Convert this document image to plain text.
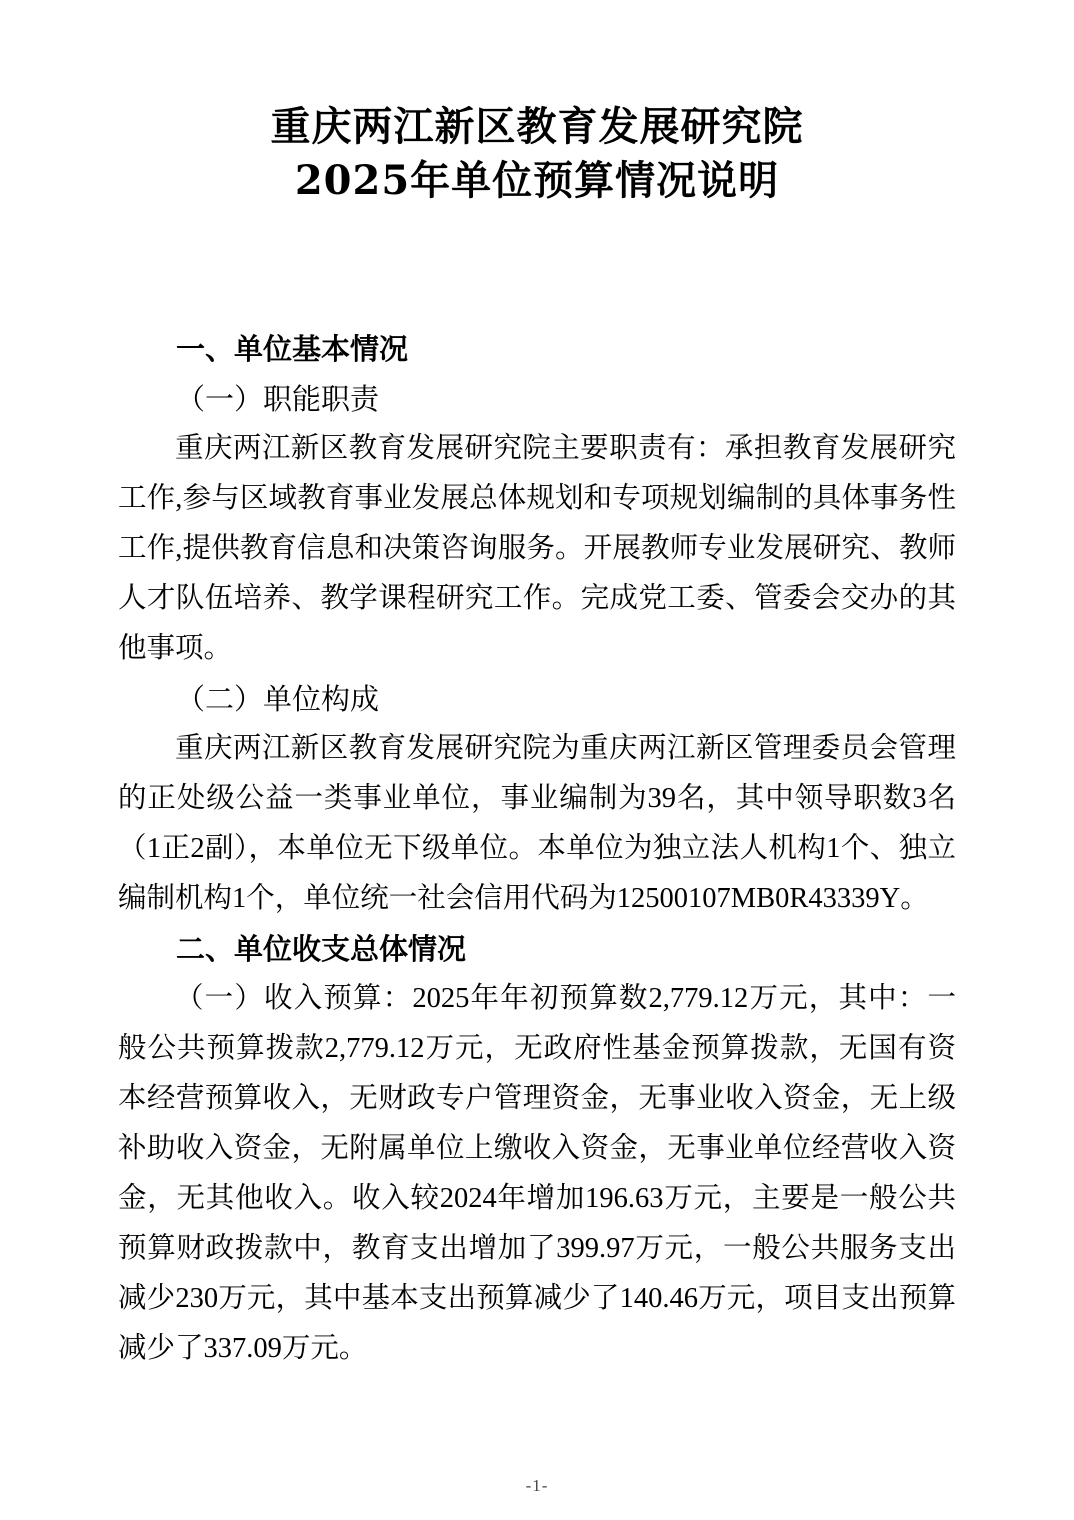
重庆两江新区教育发展研究院
2025年单位预算情况说明
一、单位基本情况
（一）职能职责

重庆两江新区教育发展研究院主要职责有：承担教育发展研究工作,参与区域教育事业发展总体规划和专项规划编制的具体事务性工作,提供教育信息和决策咨询服务。开展教师专业发展研究、教师人才队伍培养、教学课程研究工作。完成党工委、管委会交办的其他事项。

（二）单位构成

重庆两江新区教育发展研究院为重庆两江新区管理委员会管理的正处级公益一类事业单位，事业编制为39名，其中领导职数3名（1正2副），本单位无下级单位。本单位为独立法人机构1个、独立编制机构1个，单位统一社会信用代码为12500107MB0R43339Y。

二、单位收支总体情况

（一）收入预算：2025年年初预算数2,779.12万元，其中：一般公共预算拨款2,779.12万元，无政府性基金预算拨款，无国有资本经营预算收入，无财政专户管理资金，无事业收入资金，无上级补助收入资金，无附属单位上缴收入资金，无事业单位经营收入资金，无其他收入。收入较2024年增加196.63万元，主要是一般公共预算财政拨款中，教育支出增加了399.97万元，一般公共服务支出减少230万元，其中基本支出预算减少了140.46万元，项目支出预算减少了337.09万元。

-1-
